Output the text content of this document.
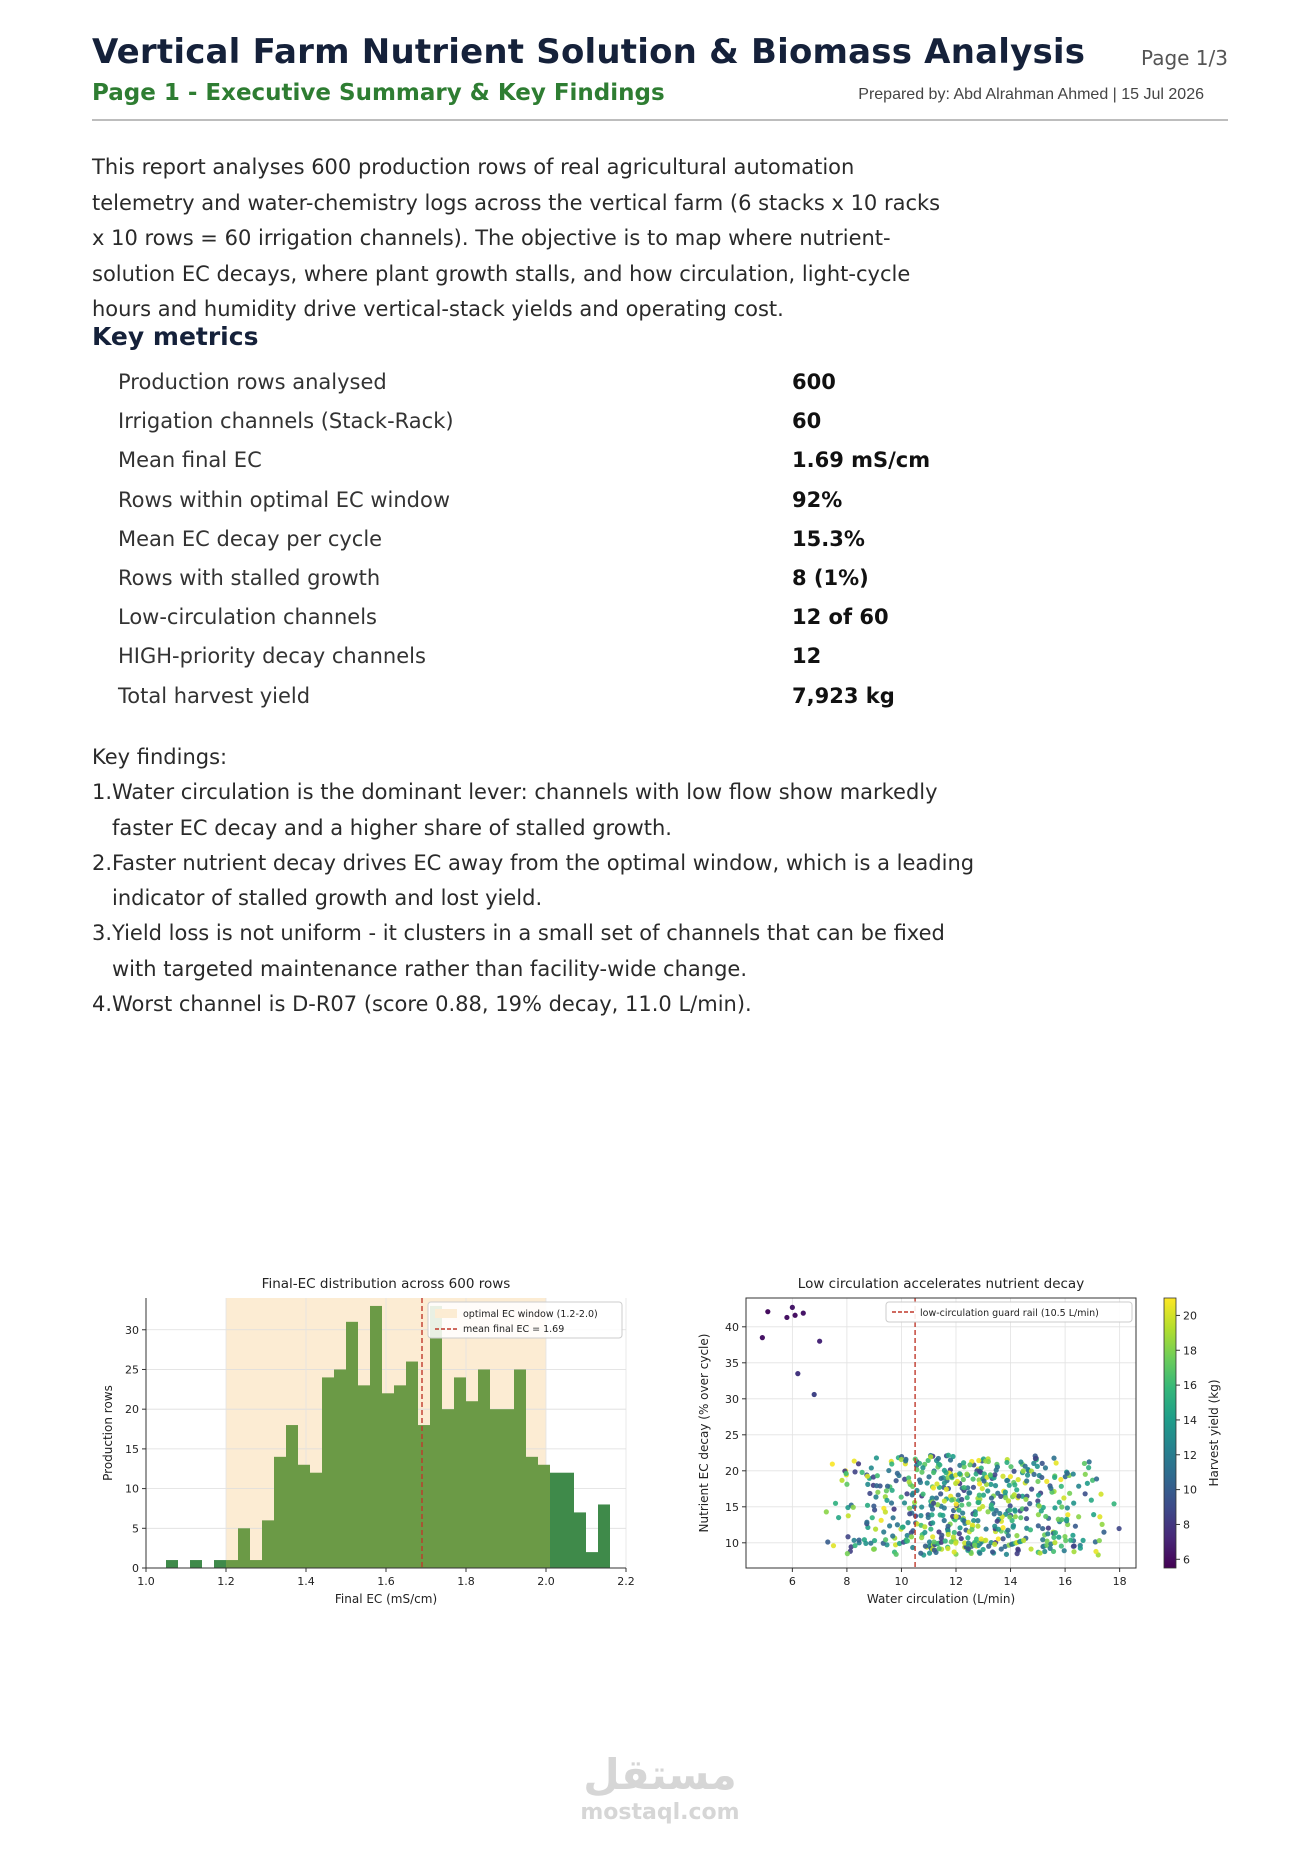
Vertical Farm Nutrient Solution & Biomass Analysis	Page 1/3
Page 1 - Executive Summary & Key Findings	Prepared by: Abd Alrahman Ahmed | 15 Jul 2026

This report analyses 600 production rows of real agricultural automation telemetry and water-chemistry logs across the vertical farm (6 stacks x 10 racks x 10 rows = 60 irrigation channels). The objective is to map where nutrient-solution EC decays, where plant growth stalls, and how circulation, light-cycle hours and humidity drive vertical-stack yields and operating cost.

Key metrics
Production rows analysed	600
Irrigation channels (Stack-Rack)	60
Mean final EC	1.69 mS/cm
Rows within optimal EC window	92%
Mean EC decay per cycle	15.3%
Rows with stalled growth	8 (1%)
Low-circulation channels	12 of 60
HIGH-priority decay channels	12
Total harvest yield	7,923 kg
Key findings:
1. Water circulation is the dominant lever: channels with low flow show markedly faster EC decay and a higher share of stalled growth.
2. Faster nutrient decay drives EC away from the optimal window, which is a leading indicator of stalled growth and lost yield.
3. Yield loss is not uniform - it clusters in a small set of channels that can be fixed with targeted maintenance rather than facility-wide change.
4. Worst channel is D-R07 (score 0.88, 19% decay, 11.0 L/min).
1.0	1.2	1.4	1.6	1.8	2.0	2.2
0
5
10
15
20
25
30
Final-EC distribution across 600 rows
Final EC (mS/cm)
Production rows
optimal EC window (1.2-2.0)
mean final EC = 1.69
6	8	10	12	14	16	18
10
15
20
25
30
35
40
Low circulation accelerates nutrient decay
Water circulation (L/min)
Nutrient EC decay (% over cycle)
low-circulation guard rail (10.5 L/min)
6
8
10
12
14
16
18
20
Harvest yield (kg)
مستقل
mostaql.com
